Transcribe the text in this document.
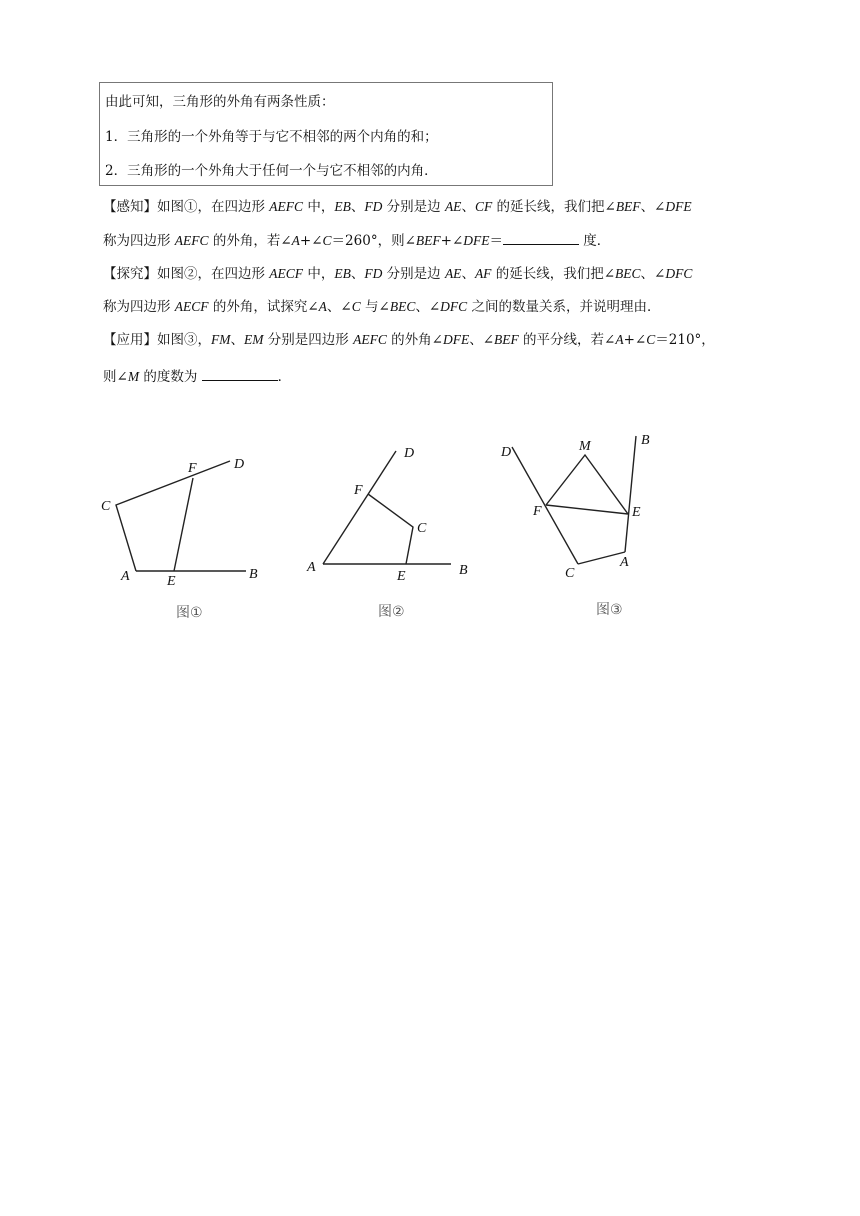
由此可知，三角形的外角有两条性质：
1．三角形的一个外角等于与它不相邻的两个内角的和；
2．三角形的一个外角大于任何一个与它不相邻的内角．
【感知】如图①，在四边形 AEFC 中，EB、FD 分别是边 AE、CF 的延长线，我们把∠BEF、∠DFE
称为四边形 AEFC 的外角，若∠A+∠C＝260°，则∠BEF+∠DFE＝	度．
【探究】如图②，在四边形 AECF 中，EB、FD 分别是边 AE、AF 的延长线，我们把∠BEC、∠DFC
称为四边形 AECF 的外角，试探究∠A、∠C 与∠BEC、∠DFC 之间的数量关系，并说明理由．
【应用】如图③，FM、EM 分别是四边形 AEFC 的外角∠DFE、∠BEF 的平分线，若∠A+∠C＝210°，
则∠M 的度数为	．
C
F	D
A	E	B
图①
D
F
C
A
E	B
图②
D	M	B
F	E
C
A
图③
